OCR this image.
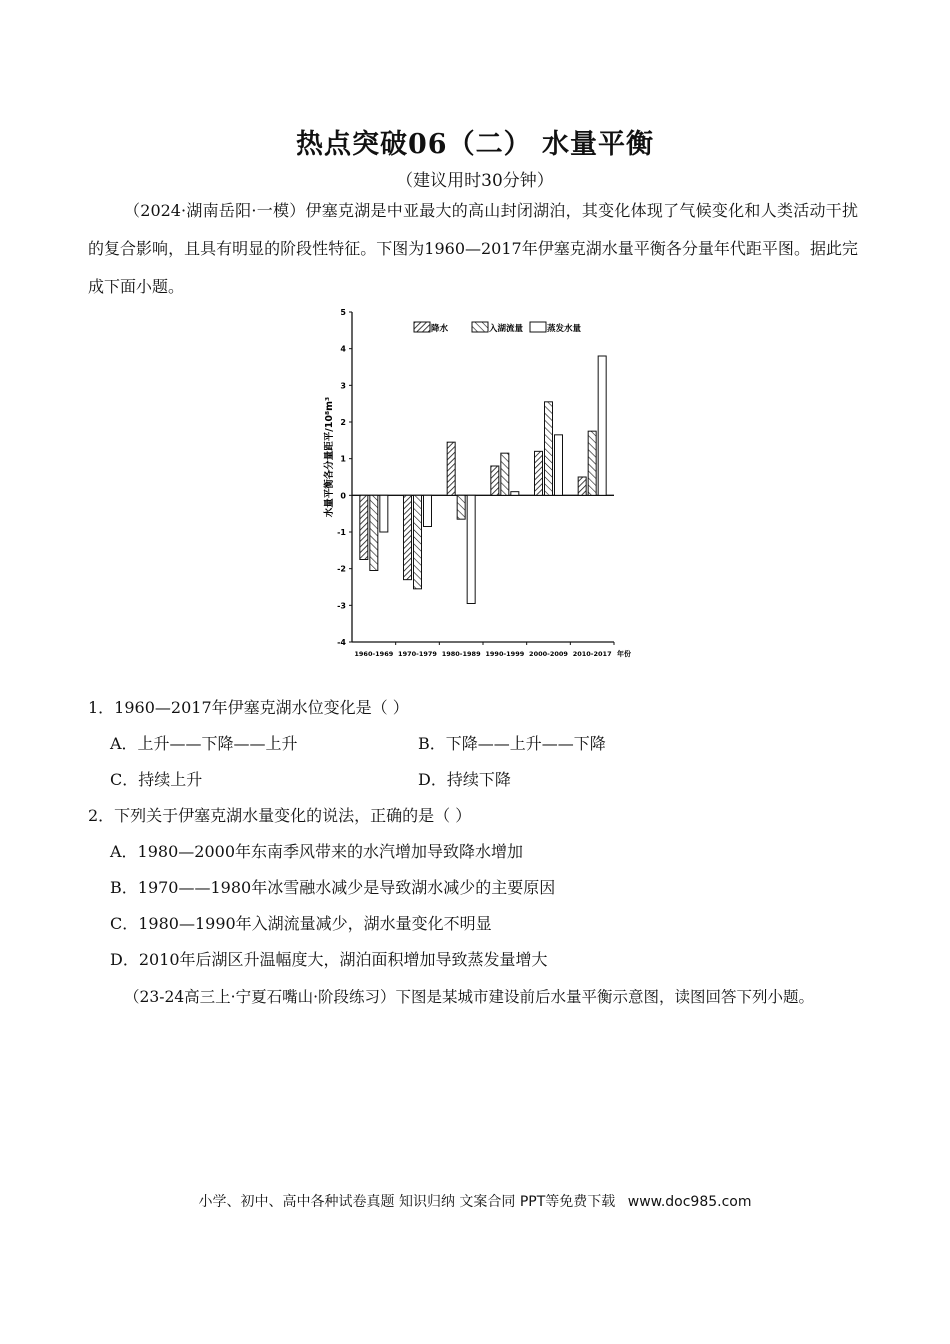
热点突破06（二） 水量平衡
（建议用时30分钟）
（2024·湖南岳阳·一模）伊塞克湖是中亚最大的高山封闭湖泊，其变化体现了气候变化和人类活动干扰的复合影响，且具有明显的阶段性特征。下图为1960—2017年伊塞克湖水量平衡各分量年代距平图。据此完成下面小题。
5
4
3
2
1
0
-1
-2
-3
-4
水量平衡各分量距平/10⁸m³
1960-1969 1970-1979 1980-1989 1990-1999 2000-2009 2010-2017 年份
降水	入湖流量	蒸发水量
1．1960—2017年伊塞克湖水位变化是（ ）
A．上升——下降——上升	B．下降——上升——下降
C．持续上升	D．持续下降
2．下列关于伊塞克湖水量变化的说法，正确的是（ ）
A．1980—2000年东南季风带来的水汽增加导致降水增加
B．1970——1980年冰雪融水减少是导致湖水减少的主要原因
C．1980—1990年入湖流量减少，湖水量变化不明显
D．2010年后湖区升温幅度大，湖泊面积增加导致蒸发量增大
（23-24高三上·宁夏石嘴山·阶段练习）下图是某城市建设前后水量平衡示意图，读图回答下列小题。
小学、初中、高中各种试卷真题 知识归纳 文案合同 PPT等免费下载 www.doc985.com
